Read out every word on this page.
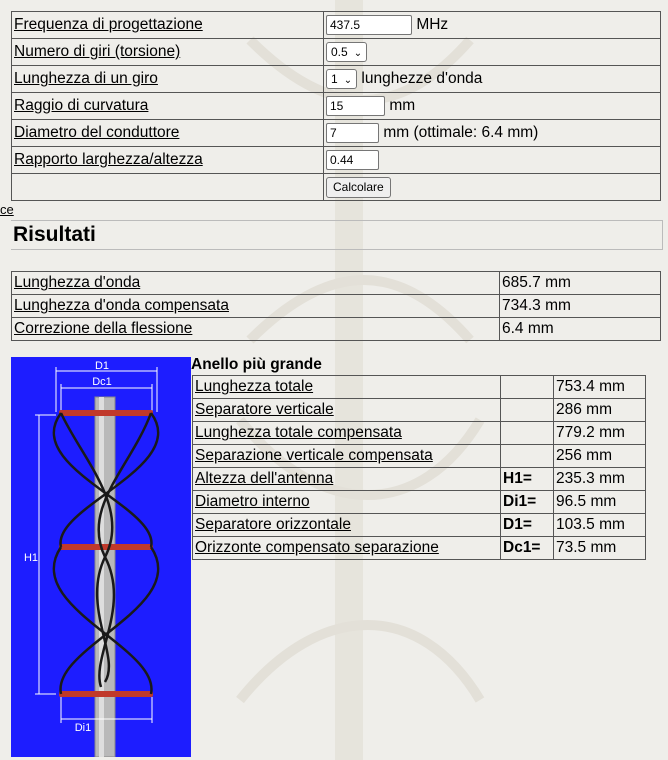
Frequenza di progettazione	437.5MHz
Numero di giri (torsione)	0.5 ⌄
Lunghezza di un giro	1 ⌄ lunghezze d'onda
Raggio di curvatura	15mm
Diametro del conduttore	7mm (ottimale: 6.4 mm)
Rapporto larghezza/altezza	0.44
	Calcolare
ce
Risultati
Lunghezza d'onda	685.7 mm
Lunghezza d'onda compensata	734.3 mm
Correzione della flessione	6.4 mm
D1
Dc1
H1
Di1
Anello più grande
Lunghezza totale		753.4 mm
Separatore verticale		286 mm
Lunghezza totale compensata		779.2 mm
Separazione verticale compensata		256 mm
Altezza dell'antenna	H1=	235.3 mm
Diametro interno	Di1=	96.5 mm
Separatore orizzontale	D1=	103.5 mm
Orizzonte compensato separazione	Dc1=	73.5 mm
